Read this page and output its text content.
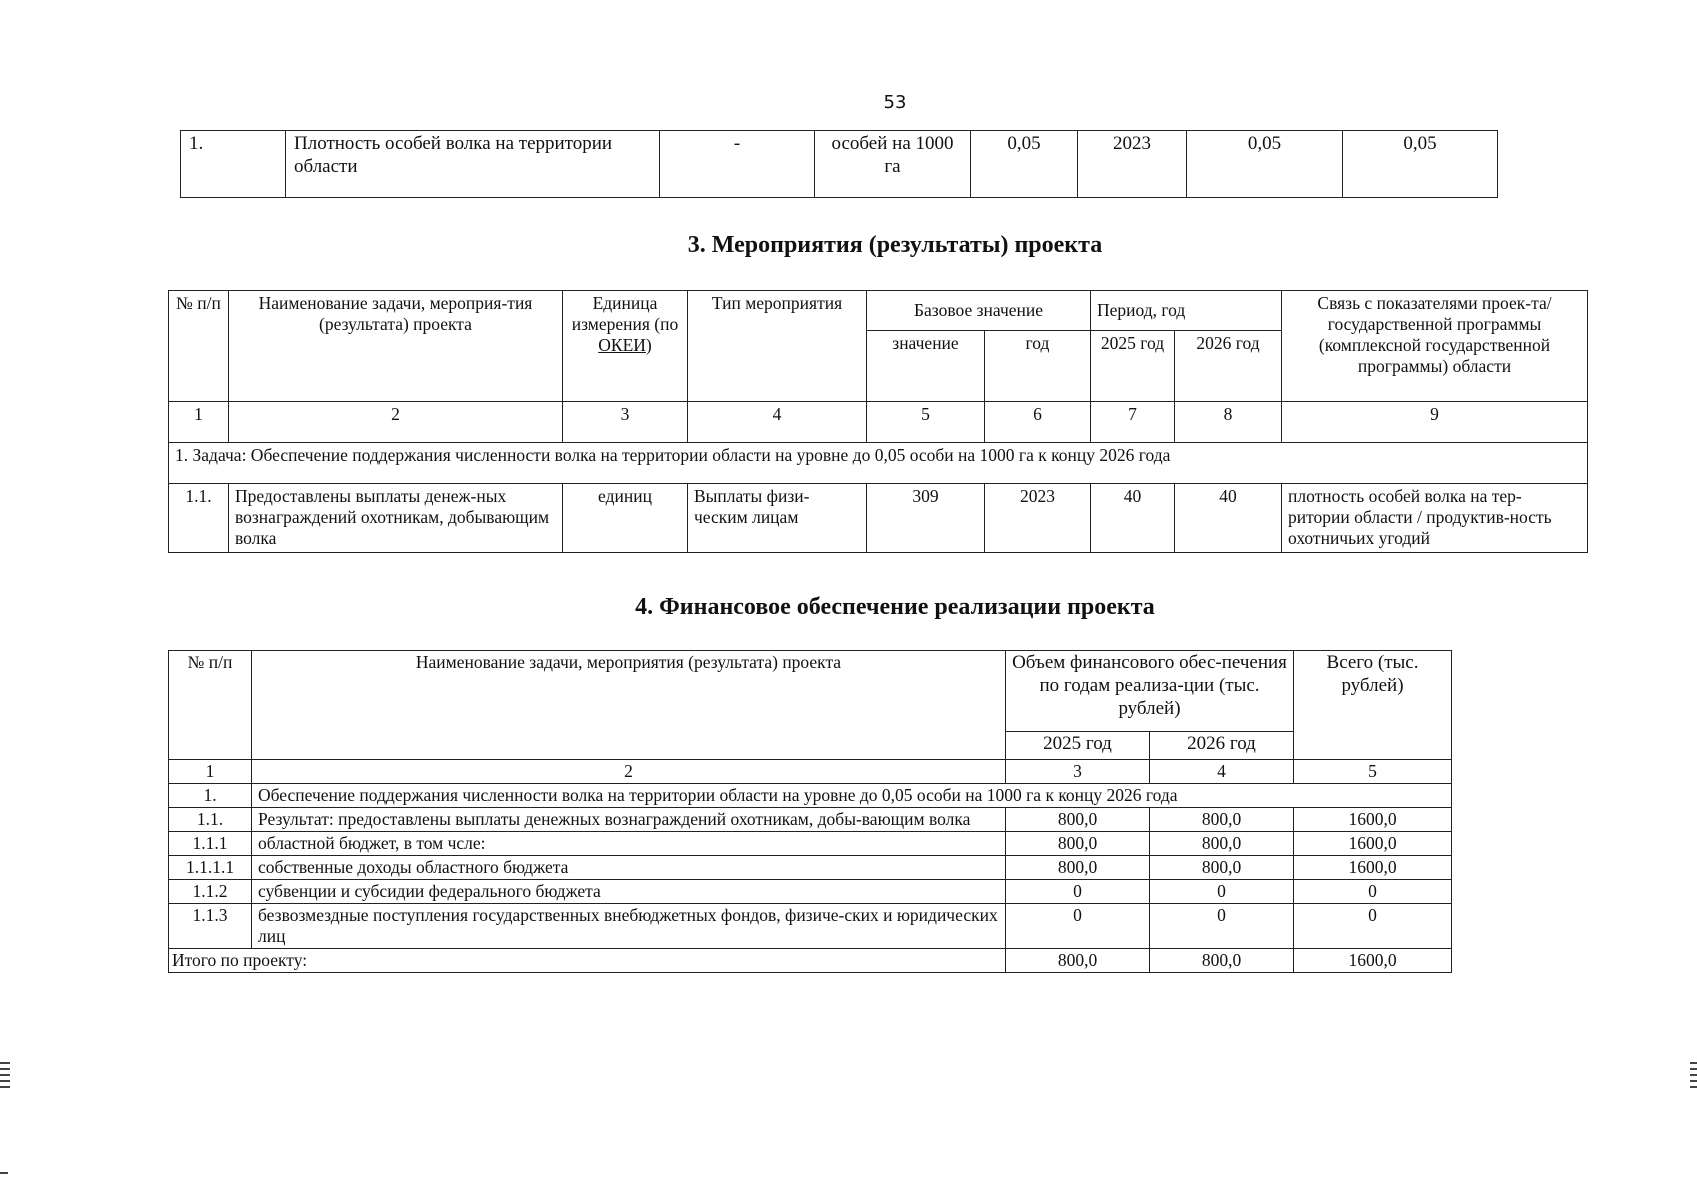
53
1.	Плотность особей волка на территории области	-	особей на 1000 га	0,05	2023	0,05	0,05
3. Мероприятия (результаты) проекта
№ п/п	Наименование задачи, мероприя-тия (результата) проекта	Единица измерения (по ОКЕИ)	Тип мероприятия	Базовое значение		Период, год		Связь с показателями проек-та/государственной программы (комплексной государственной программы) области
				значение	год	2025 год	2026 год	
1	2	3	4	5	6	7	8	9
1. Задача: Обеспечение поддержания численности волка на территории области на уровне до 0,05 особи на 1000 га к концу 2026 года								
1.1.	Предоставлены выплаты денеж-ных вознаграждений охотникам, добывающим волка	единиц	Выплаты физи-ческим лицам	309	2023	40	40	плотность особей волка на тер-ритории области / продуктив-ность охотничьих угодий
4. Финансовое обеспечение реализации проекта
№ п/п	Наименование задачи, мероприятия (результата) проекта	Объем финансового обес-печения по годам реализа-ции (тыс. рублей)		Всего (тыс. рублей)
		2025 год	2026 год	
1	2	3	4	5
1.	Обеспечение поддержания численности волка на территории области на уровне до 0,05 особи на 1000 га к концу 2026 года			
1.1.	Результат: предоставлены выплаты денежных вознаграждений охотникам, добы-вающим волка	800,0	800,0	1600,0
1.1.1	областной бюджет, в том чсле:	800,0	800,0	1600,0
1.1.1.1	собственные доходы областного бюджета	800,0	800,0	1600,0
1.1.2	субвенции и субсидии федерального бюджета	0	0	0
1.1.3	безвозмездные поступления государственных внебюджетных фондов, физиче-ских и юридических лиц	0	0	0
Итого по проекту:		800,0	800,0	1600,0
